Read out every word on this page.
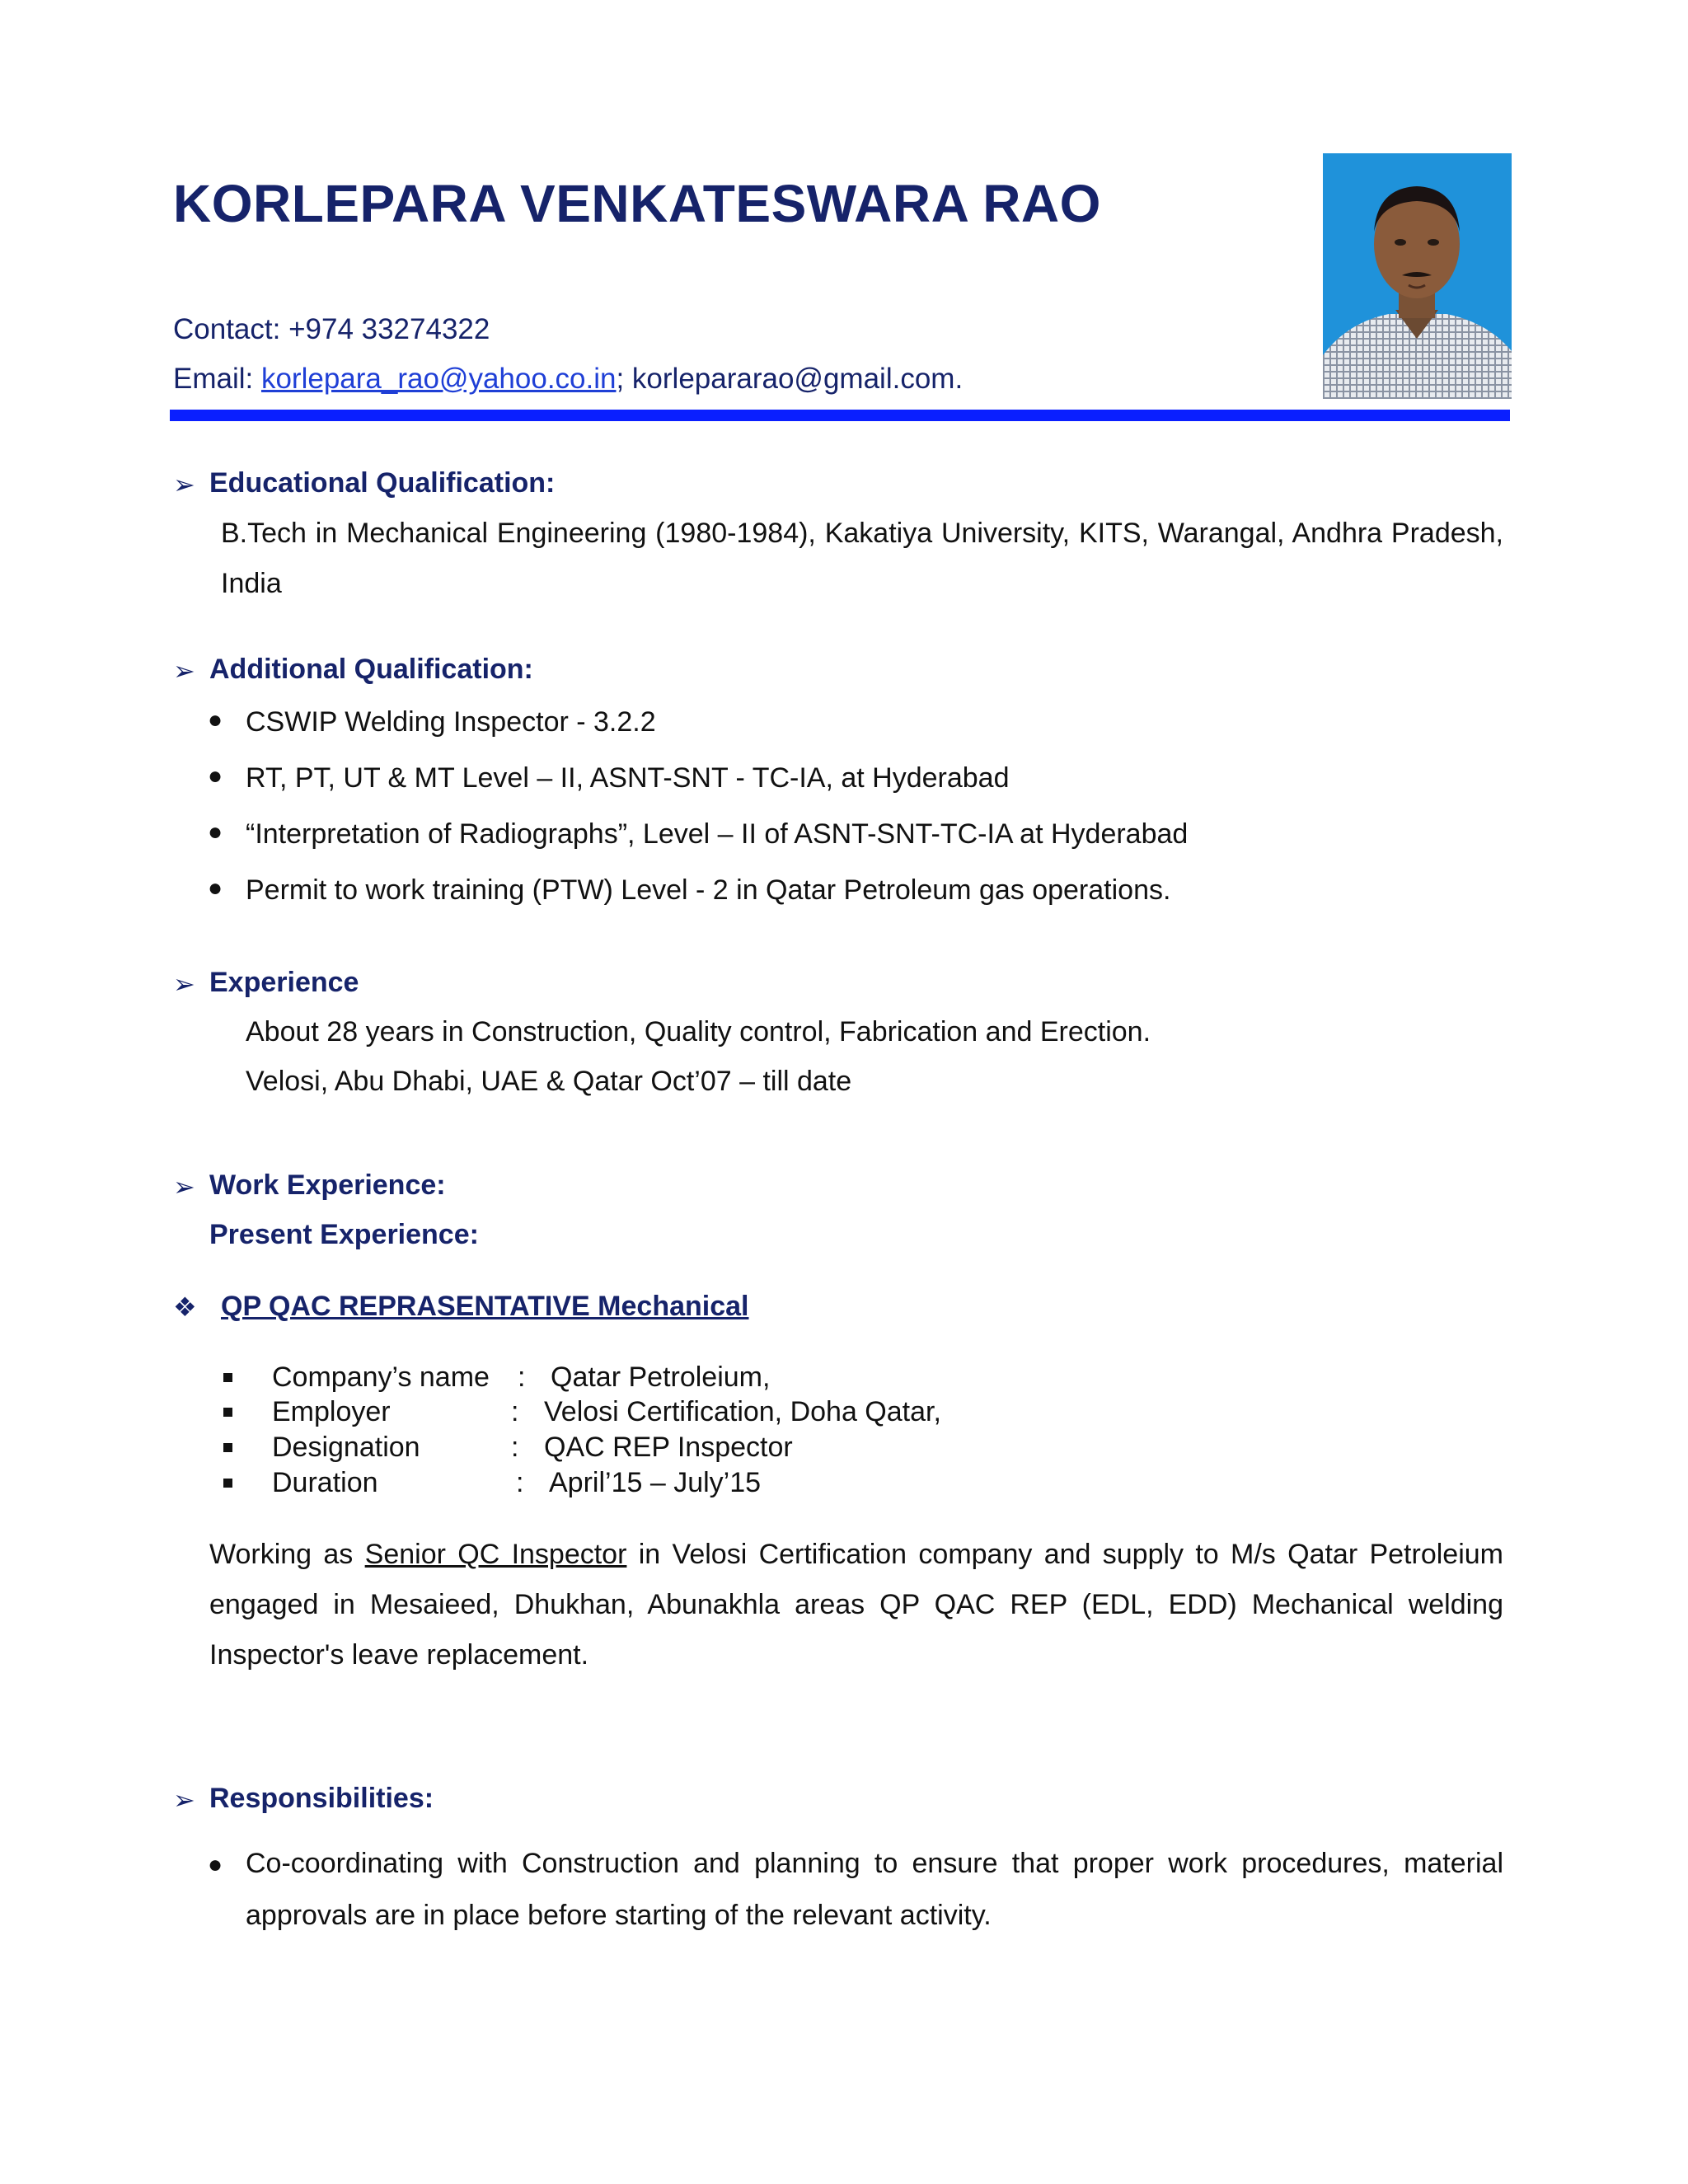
KORLEPARA VENKATESWARA RAO
Contact: +974 33274322
Email: korlepara_rao@yahoo.co.in; korlepararao@gmail.com.
➢ Educational Qualification:
B.Tech in Mechanical Engineering (1980-1984), Kakatiya University, KITS, Warangal, Andhra Pradesh, India
➢ Additional Qualification:
● CSWIP Welding Inspector - 3.2.2
● RT, PT, UT & MT Level – II, ASNT-SNT - TC-IA, at Hyderabad
● “Interpretation of Radiographs”, Level – II of ASNT-SNT-TC-IA at Hyderabad
● Permit to work training (PTW) Level - 2 in Qatar Petroleum gas operations.
➢ Experience
About 28 years in Construction, Quality control, Fabrication and Erection.
Velosi, Abu Dhabi, UAE & Qatar Oct’07 – till date
➢ Work Experience:
Present Experience:
❖ QP QAC REPRASENTATIVE Mechanical
Company’s name : Qatar Petroleium,
Employer	: Velosi Certification, Doha Qatar,
Designation	: QAC REP Inspector
Duration	: April’15 – July’15
Working as Senior QC Inspector in Velosi Certification company and supply to M/s Qatar Petroleium engaged in Mesaieed, Dhukhan, Abunakhla areas QP QAC REP (EDL, EDD) Mechanical welding Inspector's leave replacement.
➢ Responsibilities:
● Co-coordinating with Construction and planning to ensure that proper work procedures, material approvals are in place before starting of the relevant activity.
